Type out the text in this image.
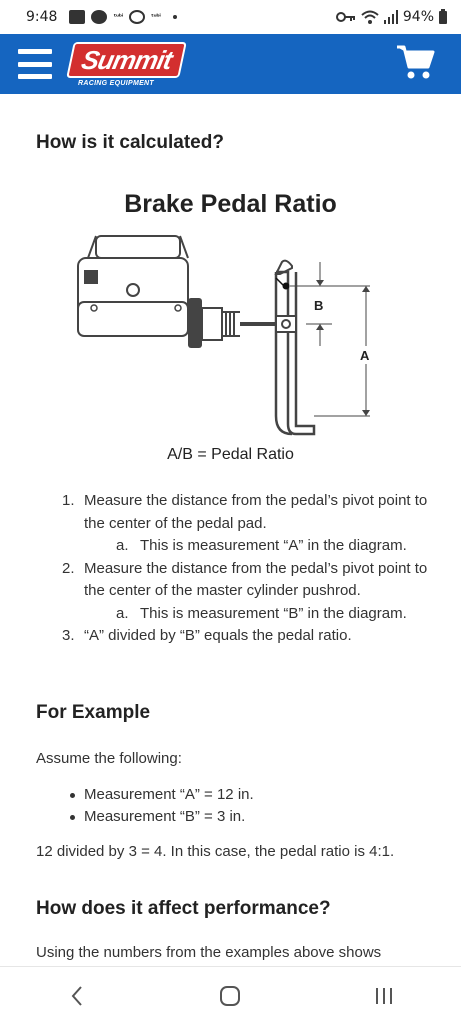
9:48	ᵗᵘᵇⁱ	ᵗᵘᵇⁱ	94%
Summit
RACING EQUIPMENT
How is it calculated?
Brake Pedal Ratio
B
A
A/B = Pedal Ratio
1. Measure the distance from the pedal’s pivot point to the center of the pedal pad.
a. This is measurement “A” in the diagram.
2. Measure the distance from the pedal’s pivot point to the center of the master cylinder pushrod.
a. This is measurement “B” in the diagram.
3. “A” divided by “B” equals the pedal ratio.
For Example
Assume the following:
Measurement “A” = 12 in.
Measurement “B” = 3 in.
12 divided by 3 = 4. In this case, the pedal ratio is 4:1.
How does it affect performance?
Using the numbers from the examples above shows
